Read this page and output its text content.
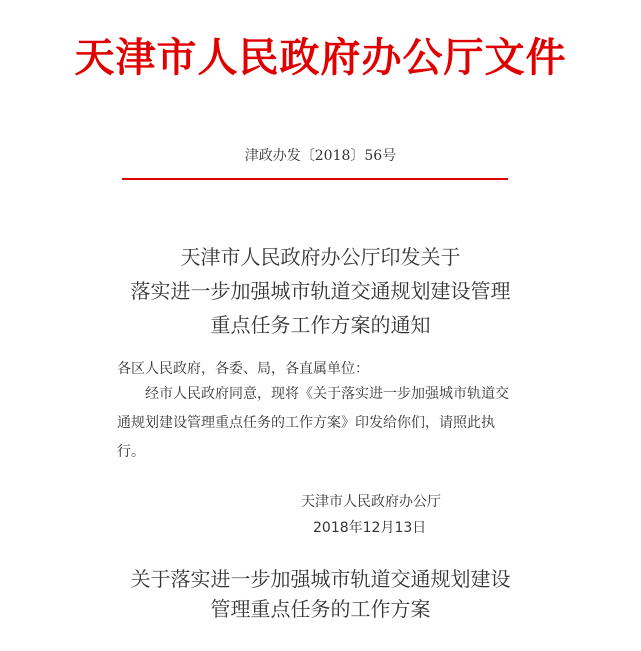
天津市人民政府办公厅文件
津政办发〔2018〕56号
天津市人民政府办公厅印发关于
落实进一步加强城市轨道交通规划建设管理
重点任务工作方案的通知
各区人民政府，各委、局，各直属单位：
经市人民政府同意，现将《关于落实进一步加强城市轨道交
通规划建设管理重点任务的工作方案》印发给你们，请照此执
行。
天津市人民政府办公厅
2018年12月13日
关于落实进一步加强城市轨道交通规划建设
管理重点任务的工作方案
